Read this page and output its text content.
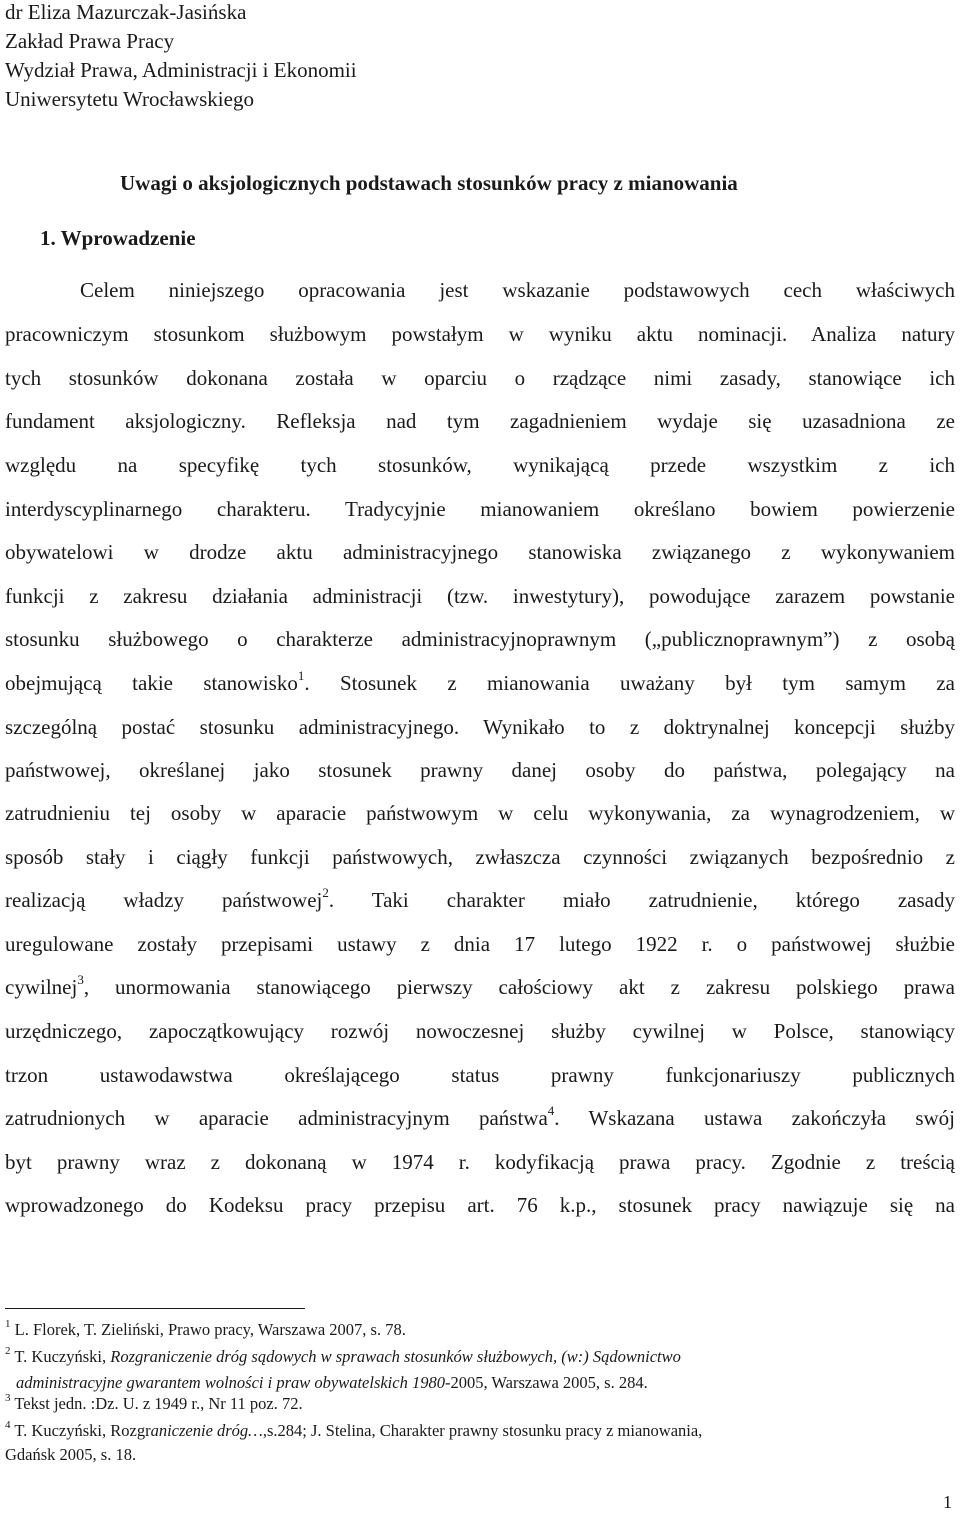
dr Eliza Mazurczak-Jasińska
Zakład Prawa Pracy
Wydział Prawa, Administracji i Ekonomii
Uniwersytetu Wrocławskiego
Uwagi o aksjologicznych podstawach stosunków pracy z mianowania
1. Wprowadzenie
Celem niniejszego opracowania jest wskazanie podstawowych cech właściwych
pracowniczym stosunkom służbowym powstałym w wyniku aktu nominacji. Analiza natury
tych stosunków dokonana została w oparciu o rządzące nimi zasady, stanowiące ich
fundament aksjologiczny. Refleksja nad tym zagadnieniem wydaje się uzasadniona ze
względu na specyfikę tych stosunków, wynikającą przede wszystkim z ich
interdyscyplinarnego charakteru. Tradycyjnie mianowaniem określano bowiem powierzenie
obywatelowi w drodze aktu administracyjnego stanowiska związanego z wykonywaniem
funkcji z zakresu działania administracji (tzw. inwestytury), powodujące zarazem powstanie
stosunku służbowego o charakterze administracyjnoprawnym („publicznoprawnym”) z osobą
obejmującą takie stanowisko$^1$. Stosunek z mianowania uważany był tym samym za
szczególną postać stosunku administracyjnego. Wynikało to z doktrynalnej koncepcji służby
państwowej, określanej jako stosunek prawny danej osoby do państwa, polegający na
zatrudnieniu tej osoby w aparacie państwowym w celu wykonywania, za wynagrodzeniem, w
sposób stały i ciągły funkcji państwowych, zwłaszcza czynności związanych bezpośrednio z
realizacją władzy państwowej$^2$. Taki charakter miało zatrudnienie, którego zasady
uregulowane zostały przepisami ustawy z dnia 17 lutego 1922 r. o państwowej służbie
cywilnej$^3$, unormowania stanowiącego pierwszy całościowy akt z zakresu polskiego prawa
urzędniczego, zapoczątkowujący rozwój nowoczesnej służby cywilnej w Polsce, stanowiący
trzon ustawodawstwa określającego status prawny funkcjonariuszy publicznych
zatrudnionych w aparacie administracyjnym państwa$^4$. Wskazana ustawa zakończyła swój
byt prawny wraz z dokonaną w 1974 r. kodyfikacją prawa pracy. Zgodnie z treścią
wprowadzonego do Kodeksu pracy przepisu art. 76 k.p., stosunek pracy nawiązuje się na
$^1$ L. Florek, T. Zieliński, Prawo pracy, Warszawa 2007, s. 78.
$^2$ T. Kuczyński, Rozgraniczenie dróg sądowych w sprawach stosunków służbowych, (w:) Sądownictwo
administracyjne gwarantem wolności i praw obywatelskich 1980-2005, Warszawa 2005, s. 284.
$^3$ Tekst jedn. :Dz. U. z 1949 r., Nr 11 poz. 72.
$^4$ T. Kuczyński, Rozgraniczenie dróg…,s.284; J. Stelina, Charakter prawny stosunku pracy z mianowania,
Gdańsk 2005, s. 18.
1
